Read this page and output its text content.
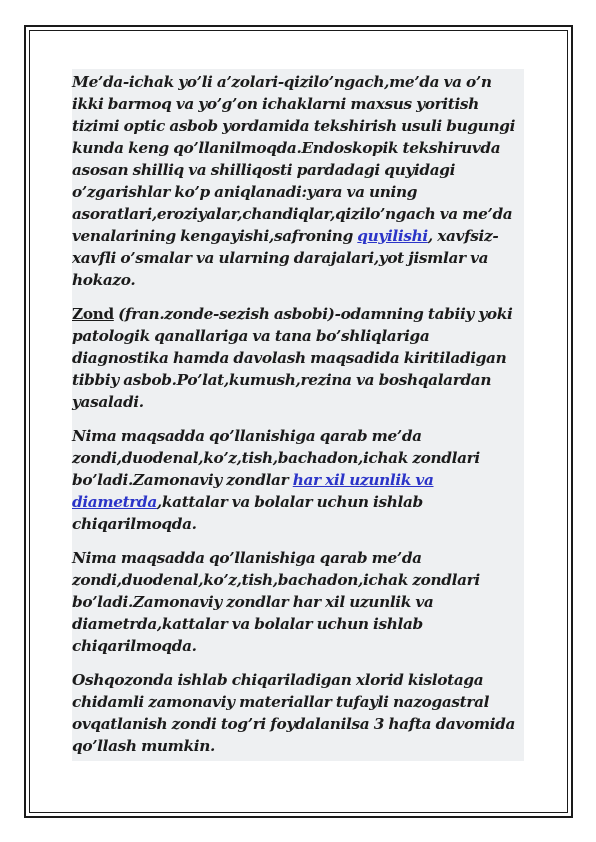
Me’da-ichak yo’li a’zolari-qizilo’ngach,me’da va o’n ikki barmoq va yo’g’on ichaklarni maxsus yoritish tizimi optic asbob yordamida tekshirish usuli bugungi kunda keng qo’llanilmoqda.Endoskopik tekshiruvda asosan shilliq va shilliqosti pardadagi quyidagi o’zgarishlar ko’p aniqlanadi:yara va uning asoratlari,eroziyalar,chandiqlar,qizilo’ngach va me’da venalarining kengayishi,safroning quyilishi, xavfsiz-xavfli o’smalar va ularning darajalari,yot jismlar va hokazo.

Zond (fran.zonde-sezish asbobi)-odamning tabiiy yoki patologik qanallariga va tana bo’shliqlariga diagnostika hamda davolash maqsadida kiritiladigan tibbiy asbob.Po’lat,kumush,rezina va boshqalardan yasaladi.

Nima maqsadda qo’llanishiga qarab me’da zondi,duodenal,ko’z,tish,bachadon,ichak zondlari bo’ladi.Zamonaviy zondlar har xil uzunlik va diametrda,kattalar va bolalar uchun ishlab chiqarilmoqda.

Nima maqsadda qo’llanishiga qarab me’da zondi,duodenal,ko’z,tish,bachadon,ichak zondlari bo’ladi.Zamonaviy zondlar har xil uzunlik va diametrda,kattalar va bolalar uchun ishlab chiqarilmoqda.

Oshqozonda ishlab chiqariladigan xlorid kislotaga chidamli zamonaviy materiallar tufayli nazogastral ovqatlanish zondi tog’ri foydalanilsa 3 hafta davomida qo’llash mumkin.
